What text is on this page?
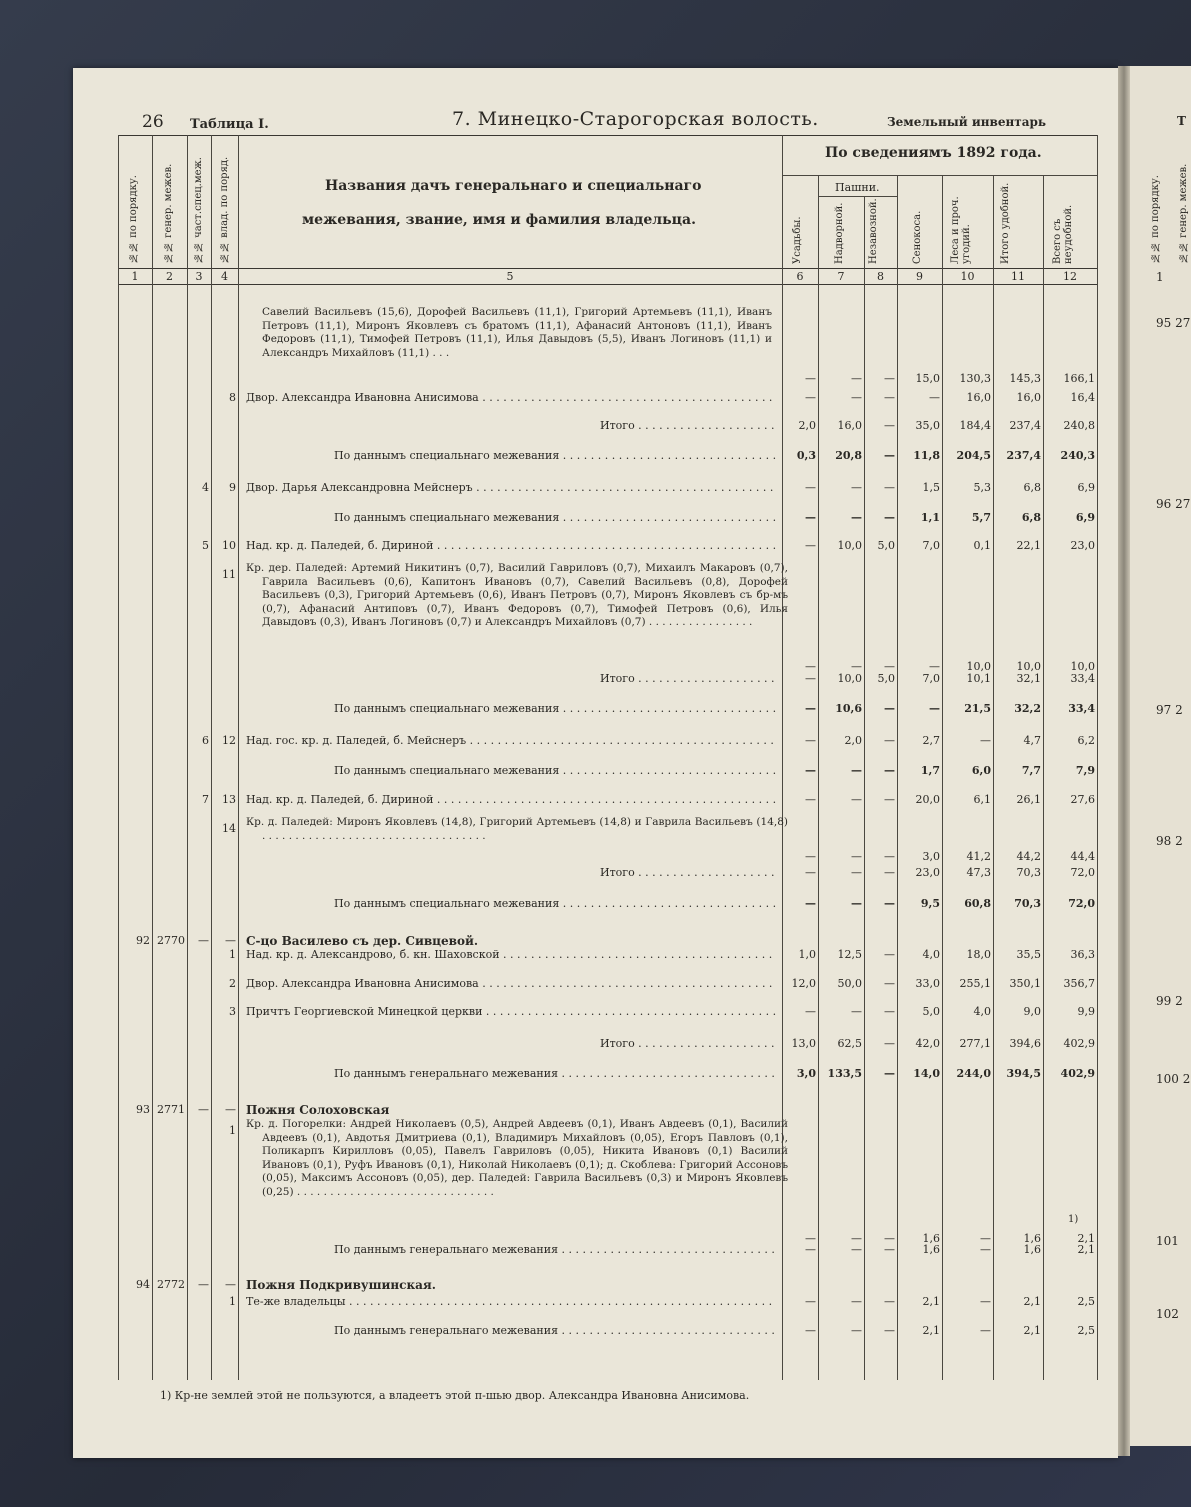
26 Таблица I.	7. Минецко-Старогорская волость.	Земельный инвентарь
№№ по порядку. №№ генер. межев. №№ част.спец.меж. №№ влад. по поряд.	Названия дачъ генеральнаго и специальнаго
межевания, звание, имя и фамилия владельца.
По сведениямъ 1892 года.
Пашни.
Усадьбы.	Надворной. Незавозной.	Сенокоса.	Леса и проч. угодий.	Итого удобной.	Всего съ неудобной.
1	2	3	4	5	6	7	8	9	10	11	12
Савелий Васильевъ (15,6), Дорофей Васильевъ (11,1), Григорий Артемьевъ (11,1), Иванъ Петровъ (11,1), Миронъ Яковлевъ съ братомъ (11,1), Афанасий Антоновъ (11,1), Иванъ Федоровъ (11,1), Тимофей Петровъ (11,1), Илья Давыдовъ (5,5), Иванъ Логиновъ (11,1) и Александръ Михайловъ (11,1) . . .
—	—	—	15,0	130,3	145,3	166,1
8 Двор. Александра Ивановна Анисимова . . .	—	—	—	—	16,0	16,0	16,4
Итого . . .	2,0	16,0	—	35,0	184,4	237,4	240,8
По даннымъ специальнаго межевания . . .	0,3	20,8	—	11,8	204,5	237,4	240,3
4	9 Двор. Дарья Александровна Мейснеръ . . .	—	—	—	1,5	5,3	6,8	6,9
По даннымъ специальнаго межевания . . .	—	—	—	1,1	5,7	6,8	6,9
5	10 Над. кр. д. Паледей, б. Дириной . . .	—	10,0	5,0	7,0	0,1	22,1	23,0
11 Кр. дер. Паледей: Артемий Никитинъ (0,7), Василий Гавриловъ (0,7), Михаилъ Макаровъ (0,7), Гаврила Васильевъ (0,6), Капитонъ Ивановъ (0,7), Савелий Васильевъ (0,8), Дорофей Васильевъ (0,3), Григорий Артемьевъ (0,6), Иванъ Петровъ (0,7), Миронъ Яковлевъ съ бр-мъ (0,7), Афанасий Антиповъ (0,7), Иванъ Федоровъ (0,7), Тимофей Петровъ (0,6), Илья Давыдовъ (0,3), Иванъ Логиновъ (0,7) и Александръ Михайловъ (0,7) . . . . . . . . . . . . . . . .
—	—	—	—	10,0	10,0	10,0
Итого . . .	—	10,0	5,0	7,0	10,1	32,1	33,4
По даннымъ специальнаго межевания . . .	—	10,6	—	—	21,5	32,2	33,4
6	12 Над. гос. кр. д. Паледей, б. Мейснеръ . . .	—	2,0	—	2,7	—	4,7	6,2
По даннымъ специальнаго межевания . . .	—	—	—	1,7	6,0	7,7	7,9
7	13 Над. кр. д. Паледей, б. Дириной . . .	—	—	—	20,0	6,1	26,1	27,6
14 Кр. д. Паледей: Миронъ Яковлевъ (14,8), Григорий Артемьевъ (14,8) и Гаврила Васильевъ (14,8) . . . . . . . . . . . . . . . . . . . . . . . . . . . . . . . . . .
—	—	—	3,0	41,2	44,2	44,4
Итого . . .	—	—	—	23,0	47,3	70,3	72,0
По даннымъ специальнаго межевания . . .	—	—	—	9,5	60,8	70,3	72,0
92 2770	—	— С-цо Василево съ дер. Сивцевой.
1 Над. кр. д. Александрово, б. кн. Шаховской . . .	1,0	12,5	—	4,0	18,0	35,5	36,3
2 Двор. Александра Ивановна Анисимова . . .	12,0	50,0	—	33,0	255,1	350,1	356,7
3 Причтъ Георгиевской Минецкой церкви . . .	—	—	—	5,0	4,0	9,0	9,9
Итого . . .	13,0	62,5	—	42,0	277,1	394,6	402,9
По даннымъ генеральнаго межевания . . .	3,0	133,5	—	14,0	244,0	394,5	402,9
93 2771	—	— Пожня Солоховская
1 Кр. д. Погорелки: Андрей Николаевъ (0,5), Андрей Авдеевъ (0,1), Иванъ Авдеевъ (0,1), Василий Авдеевъ (0,1), Авдотья Дмитриева (0,1), Владимиръ Михайловъ (0,05), Егоръ Павловъ (0,1), Поликарпъ Кирилловъ (0,05), Павелъ Гавриловъ (0,05), Никита Ивановъ (0,1) Василий Ивановъ (0,1), Руфъ Ивановъ (0,1), Николай Николаевъ (0,1); д. Скоблева: Григорий Ассоновъ (0,05), Максимъ Ассоновъ (0,05), дер. Паледей: Гаврила Васильевъ (0,3) и Миронъ Яковлевъ (0,25) . . . . . . . . . . . . . . . . . . . . . . . . . . . . . .
—	—	—	1,6	—	1,6	2,1
1)
По даннымъ генеральнаго межевания . . .	—	—	—	1,6	—	1,6	2,1
94 2772	—	— Пожня Подкривушинская.
1 Те-же владельцы . . .	—	—	—	2,1	—	2,1	2,5
По даннымъ генеральнаго межевания . . .	—	—	—	2,1	—	2,1	2,5
1) Кр-не землей этой не пользуются, а владеетъ этой п-шью двор. Александра Ивановна Анисимова.
Т
№№ по порядку. №№ генер. межев.
1
95 27
96 27
97 2
98 2
99 2
100 2
101
102
